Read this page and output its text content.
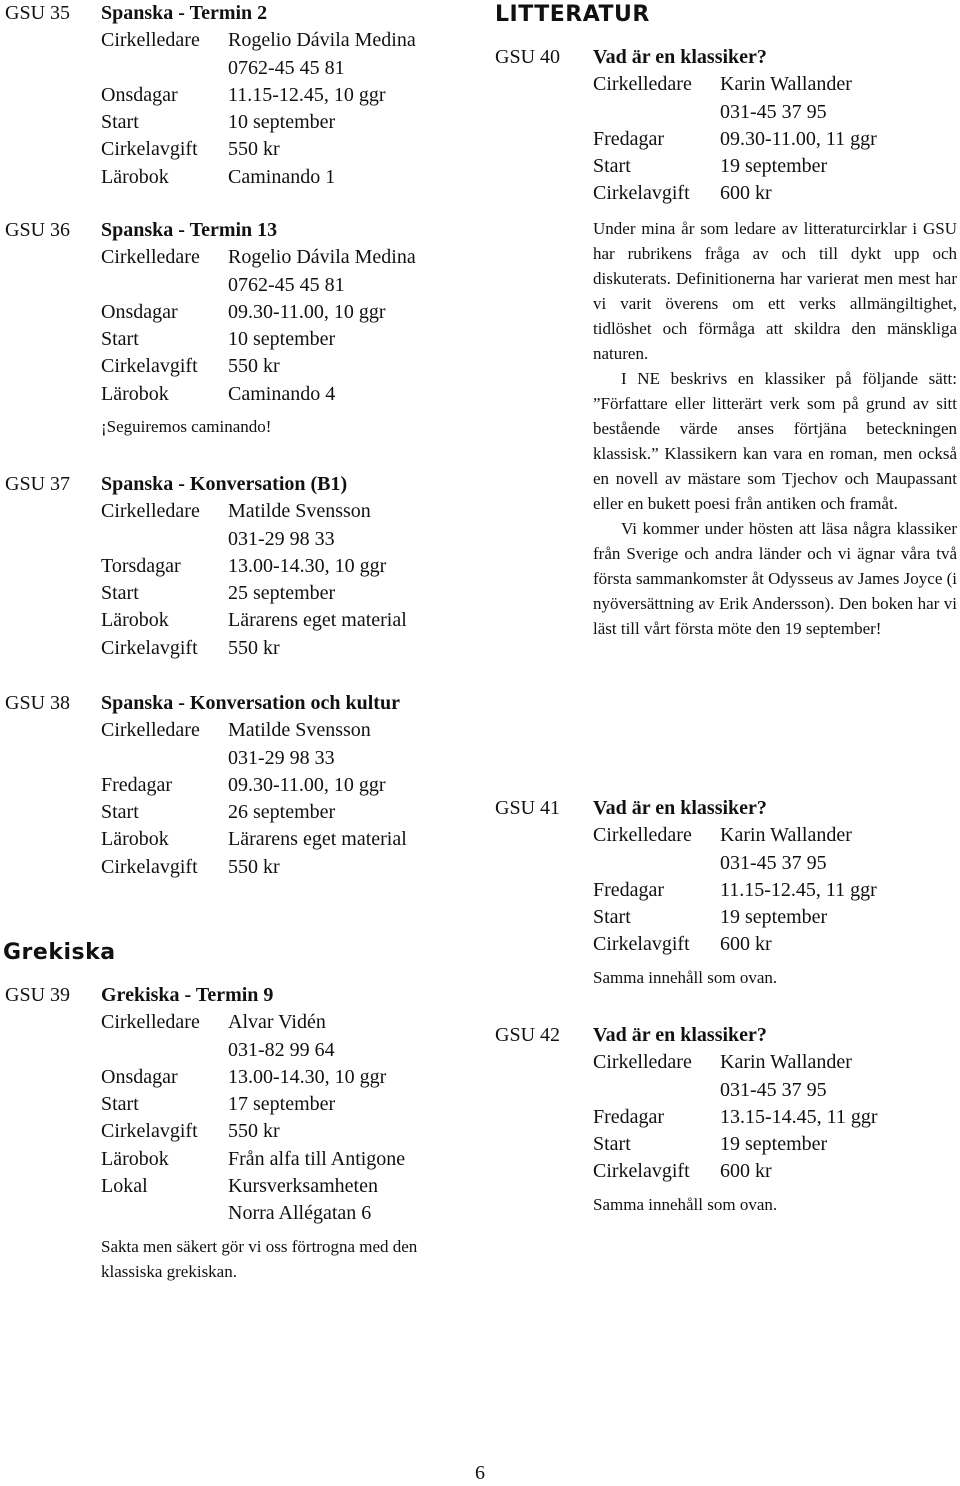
GSU 35 Spanska - Termin 2
Cirkelledare	Rogelio Dávila Medina
0762-45 45 81
Onsdagar	11.15-12.45, 10 ggr
Start	10 september
Cirkelavgift	550 kr
Lärobok	Caminando 1
GSU 36 Spanska - Termin 13
Cirkelledare	Rogelio Dávila Medina
0762-45 45 81
Onsdagar	09.30-11.00, 10 ggr
Start	10 september
Cirkelavgift	550 kr
Lärobok	Caminando 4
¡Seguiremos caminando!
GSU 37 Spanska - Konversation (B1)
Cirkelledare	Matilde Svensson
031-29 98 33
Torsdagar	13.00-14.30, 10 ggr
Start	25 september
Lärobok	Lärarens eget material
Cirkelavgift	550 kr
GSU 38 Spanska - Konversation och kultur
Cirkelledare	Matilde Svensson
031-29 98 33
Fredagar	09.30-11.00, 10 ggr
Start	26 september
Lärobok	Lärarens eget material
Cirkelavgift	550 kr
Grekiska
GSU 39 Grekiska - Termin 9
Cirkelledare	Alvar Vidén
031-82 99 64
Onsdagar	13.00-14.30, 10 ggr
Start	17 september
Cirkelavgift	550 kr
Lärobok	Från alfa till Antigone
Lokal	Kursverksamheten
Norra Allégatan 6
Sakta men säkert gör vi oss förtrogna med den klassiska grekiskan.
LITTERATUR
GSU 40 Vad är en klassiker?
Cirkelledare	Karin Wallander
031-45 37 95
Fredagar	09.30-11.00, 11 ggr
Start	19 september
Cirkelavgift	600 kr

Under mina år som ledare av litteraturcirklar i GSU har rubrikens fråga av och till dykt upp och diskuterats. Definitionerna har varierat men mest har vi varit överens om ett verks allmängiltighet, tidlöshet och förmåga att skildra den mänskliga naturen.

I NE beskrivs en klassiker på följande sätt: ”Författare eller litterärt verk som på grund av sitt bestående värde anses förtjäna beteckningen klassisk.” Klassikern kan vara en roman, men också en novell av mästare som Tjechov och Maupassant eller en bukett poesi från antiken och framåt.

Vi kommer under hösten att läsa några klassiker från Sverige och andra länder och vi ägnar våra två första sammankomster åt Odysseus av James Joyce (i nyöversättning av Erik Andersson). Den boken har vi läst till vårt första möte den 19 september!

GSU 41 Vad är en klassiker?
Cirkelledare	Karin Wallander
031-45 37 95
Fredagar	11.15-12.45, 11 ggr
Start	19 september
Cirkelavgift	600 kr
Samma innehåll som ovan.
GSU 42 Vad är en klassiker?
Cirkelledare	Karin Wallander
031-45 37 95
Fredagar	13.15-14.45, 11 ggr
Start	19 september
Cirkelavgift	600 kr
Samma innehåll som ovan.
6
